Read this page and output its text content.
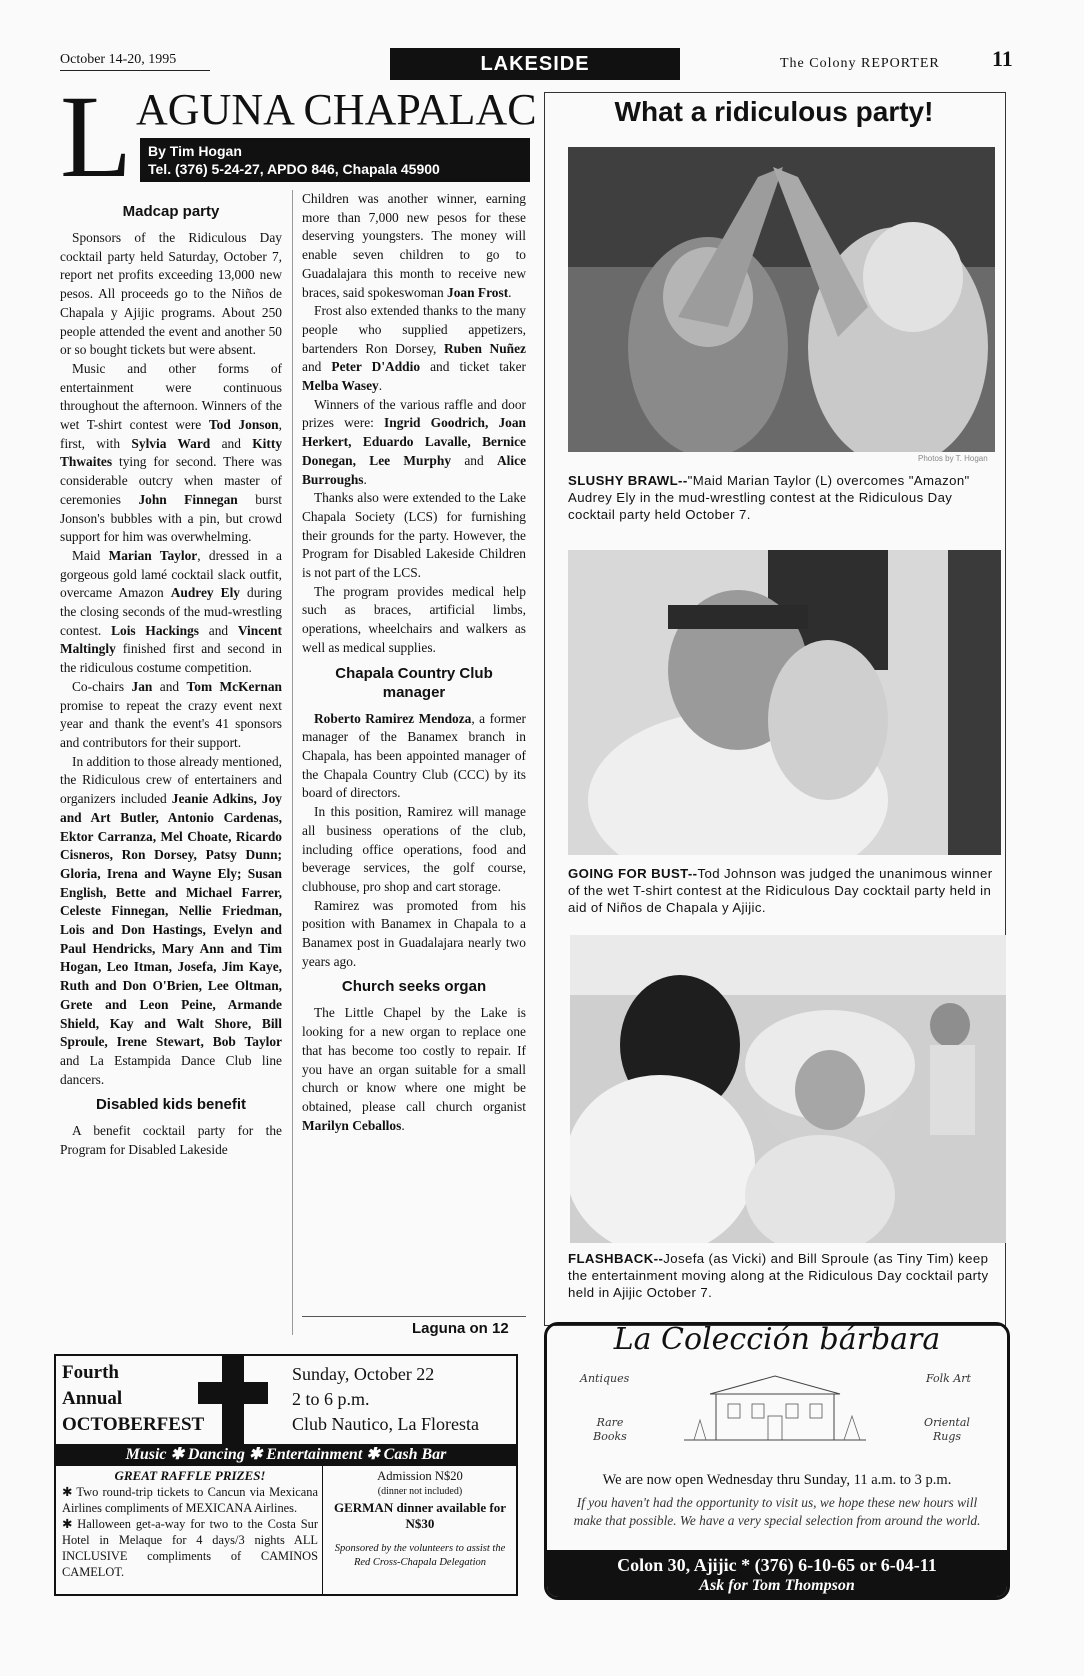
October 14-20, 1995	LAKESIDE	The Colony REPORTER 11
L AGUNA CHAPALAC
By Tim Hogan
Tel. (376) 5-24-27, APDO 846, Chapala 45900
Madcap party

Sponsors of the Ridiculous Day cocktail party held Saturday, October 7, report net profits exceeding 13,000 new pesos. All proceeds go to the Niños de Chapala y Ajijic programs. About 250 people attended the event and another 50 or so bought tickets but were absent.

Music and other forms of entertainment were continuous throughout the afternoon. Winners of the wet T-shirt contest were Tod Jonson, first, with Sylvia Ward and Kitty Thwaites tying for second. There was considerable outcry when master of ceremonies John Finnegan burst Jonson's bubbles with a pin, but crowd support for him was overwhelming.

Maid Marian Taylor, dressed in a gorgeous gold lamé cocktail slack outfit, overcame Amazon Audrey Ely during the closing seconds of the mud-wrestling contest. Lois Hackings and Vincent Maltingly finished first and second in the ridiculous costume competition.

Co-chairs Jan and Tom McKernan promise to repeat the crazy event next year and thank the event's 41 sponsors and contributors for their support.

In addition to those already mentioned, the Ridiculous crew of entertainers and organizers included Jeanie Adkins, Joy and Art Butler, Antonio Cardenas, Ektor Carranza, Mel Choate, Ricardo Cisneros, Ron Dorsey, Patsy Dunn; Gloria, Irena and Wayne Ely; Susan English, Bette and Michael Farrer, Celeste Finnegan, Nellie Friedman, Lois and Don Hastings, Evelyn and Paul Hendricks, Mary Ann and Tim Hogan, Leo Itman, Josefa, Jim Kaye, Ruth and Don O'Brien, Lee Oltman, Grete and Leon Peine, Armande Shield, Kay and Walt Shore, Bill Sproule, Irene Stewart, Bob Taylor and La Estampida Dance Club line dancers.

Disabled kids benefit

A benefit cocktail party for the Program for Disabled Lakeside

Children was another winner, earning more than 7,000 new pesos for these deserving youngsters. The money will enable seven children to go to Guadalajara this month to receive new braces, said spokeswoman Joan Frost.

Frost also extended thanks to the many people who supplied appetizers, bartenders Ron Dorsey, Ruben Nuñez and Peter D'Addio and ticket taker Melba Wasey.

Winners of the various raffle and door prizes were: Ingrid Goodrich, Joan Herkert, Eduardo Lavalle, Bernice Donegan, Lee Murphy and Alice Burroughs.

Thanks also were extended to the Lake Chapala Society (LCS) for furnishing their grounds for the party. However, the Program for Disabled Lakeside Children is not part of the LCS.

The program provides medical help such as braces, artificial limbs, operations, wheelchairs and walkers as well as medical supplies.

Chapala Country Club manager

Roberto Ramirez Mendoza, a former manager of the Banamex branch in Chapala, has been appointed manager of the Chapala Country Club (CCC) by its board of directors.

In this position, Ramirez will manage all business operations of the club, including office operations, food and beverage services, the golf course, clubhouse, pro shop and cart storage.

Ramirez was promoted from his position with Banamex in Chapala to a Banamex post in Guadalajara nearly two years ago.

Church seeks organ

The Little Chapel by the Lake is looking for a new organ to replace one that has become too costly to repair. If you have an organ suitable for a small church or know where one might be obtained, please call church organist Marilyn Ceballos.

Laguna on 12
What a ridiculous party!
Photos by T. Hogan
SLUSHY BRAWL--"Maid Marian Taylor (L) overcomes "Amazon" Audrey Ely in the mud-wrestling contest at the Ridiculous Day cocktail party held October 7.
GOING FOR BUST--Tod Johnson was judged the unanimous winner of the wet T-shirt contest at the Ridiculous Day cocktail party held in aid of Niños de Chapala y Ajijic.
FLASHBACK--Josefa (as Vicki) and Bill Sproule (as Tiny Tim) keep the entertainment moving along at the Ridiculous Day cocktail party held in Ajijic October 7.
Fourth
Annual
OCTOBERFEST
Sunday, October 22
2 to 6 p.m.
Club Nautico, La Floresta
Music ✱ Dancing ✱ Entertainment ✱ Cash Bar
GREAT RAFFLE PRIZES!

✱ Two round-trip tickets to Cancun via Mexicana Airlines compliments of MEXICANA Airlines.

✱ Halloween get-a-way for two to the Costa Sur Hotel in Melaque for 4 days/3 nights ALL INCLUSIVE compliments of CAMINOS CAMELOT.

Admission N$20
(dinner not included)
GERMAN dinner available for N$30
Sponsored by the volunteers to assist the Red Cross-Chapala Delegation
La Colección bárbara
Antiques
Rare Books
Folk Art
Oriental Rugs
We are now open Wednesday thru Sunday, 11 a.m. to 3 p.m.
If you haven't had the opportunity to visit us, we hope these new hours will make that possible. We have a very special selection from around the world.
Colon 30, Ajijic * (376) 6-10-65 or 6-04-11
Ask for Tom Thompson
